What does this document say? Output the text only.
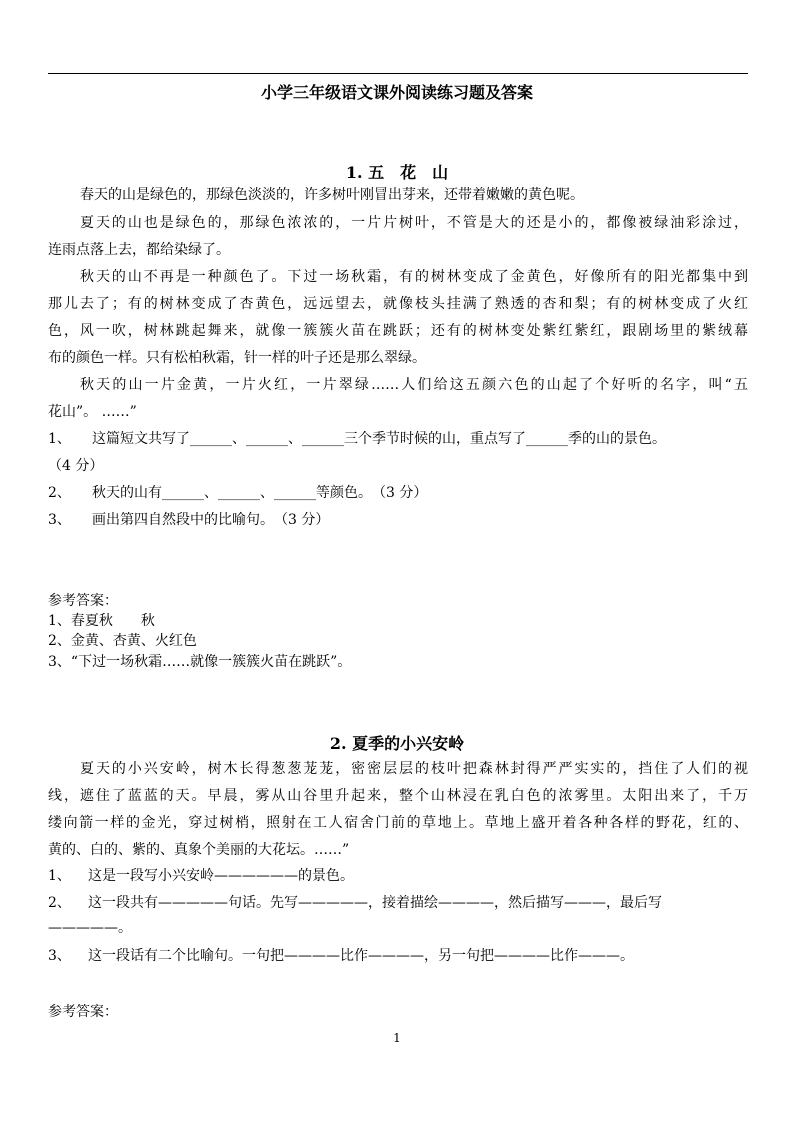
小学三年级语文课外阅读练习题及答案
1. 五　花　山
春天的山是绿色的，那绿色淡淡的，许多树叶刚冒出芽来，还带着嫩嫩的黄色呢。
夏天的山也是绿色的，那绿色浓浓的，一片片树叶，不管是大的还是小的，都像被绿油彩涂过，
连雨点落上去，都给染绿了。
秋天的山不再是一种颜色了。下过一场秋霜，有的树林变成了金黄色，好像所有的阳光都集中到
那儿去了；有的树林变成了杏黄色，远远望去，就像枝头挂满了熟透的杏和梨；有的树林变成了火红
色，风一吹，树林跳起舞来，就像一簇簇火苗在跳跃；还有的树林变处紫红紫红，跟剧场里的紫绒幕
布的颜色一样。只有松柏秋霜，针一样的叶子还是那么翠绿。
秋天的山一片金黄，一片火红，一片翠绿……人们给这五颜六色的山起了个好听的名字，叫“五
花山”。 ……”
1、 这篇短文共写了______、______、______三个季节时候的山，重点写了______季的山的景色。
（4 分）
2、 秋天的山有______、______、______等颜色。　（3 分）
3、 画出第四自然段中的比喻句。　（3 分）
参考答案：
1、春夏秋　　秋
2、金黄、杏黄、火红色
3、“下过一场秋霜……就像一簇簇火苗在跳跃”。
2. 夏季的小兴安岭
夏天的小兴安岭，树木长得葱葱茏茏，密密层层的枝叶把森林封得严严实实的，挡住了人们的视
线，遮住了蓝蓝的天。早晨，雾从山谷里升起来，整个山林浸在乳白色的浓雾里。太阳出来了，千万
缕向箭一样的金光，穿过树梢，照射在工人宿舍门前的草地上。草地上盛开着各种各样的野花，红的、
黄的、白的、紫的、真象个美丽的大花坛。……”
1、 这是一段写小兴安岭——————的景色。
2、 这一段共有—————句话。先写—————，接着描绘————，然后描写———，最后写
—————。
3、 这一段话有二个比喻句。一句把————比作————，另一句把————比作———。
参考答案：
1
